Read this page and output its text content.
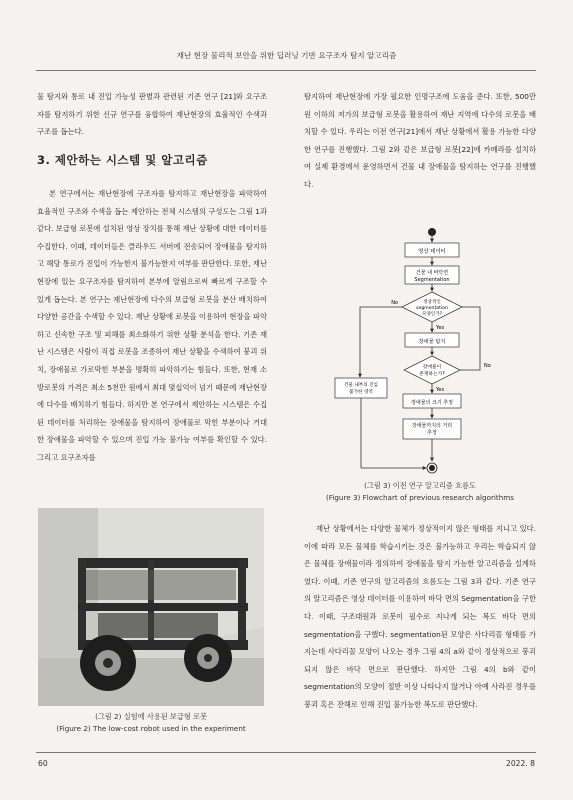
재난 현장 물리적 보안을 위한 딥러닝 기반 요구조자 탐지 알고리즘

물 탐지와 통로 내 진입 가능성 판별과 관련된 기존 연구 [21]와 요구조자를 탐지하기 위한 신규 연구를 융합하여 재난현장의 효율적인 수색과 구조를 돕는다.

3. 제안하는 시스템 및 알고리즘

본 연구에서는 재난현장에 구조자를 탐지하고 재난현장을 파악하여 효율적인 구조와 수색을 돕는 제안하는 전체 시스템의 구성도는 그림 1과 같다. 보급형 로봇에 설치된 영상 장치를 통해 재난 상황에 대한 데이터를 수집한다. 이때, 데이터들은 클라우드 서버에 전송되어 장애물을 탐지하고 해당 통로가 진입이 가능한지 불가능한지 여부를 판단한다. 또한, 재난 현장에 있는 요구조자를 탐지하여 본부에 알림으로써 빠르게 구조할 수 있게 돕는다. 본 연구는 재난현장에 다수의 보급형 로봇을 분산 배치하여 다양한 공간을 수색할 수 있다. 재난 상황에 로봇을 이용하여 현장을 파악하고 신속한 구조 및 피해를 최소화하기 위한 상황 분석을 한다. 기존 재난 시스템은 사람이 직접 로봇을 조종하여 재난 상황을 수색하여 붕괴 위치, 장애물로 가로막힌 부분을 명확히 파악하기는 힘들다. 또한, 현재 소방로봇의 가격은 최소 5천만 원에서 최대 몇십억이 넘기 때문에 재난현장에 다수를 배치하기 힘들다. 하지만 본 연구에서 제안하는 시스템은 수집된 데이터를 처리하는 장애물을 탐지하여 장애물로 막힌 부분이나 거대한 장애물을 파악할 수 있으며 진입 가능 불가능 여부를 확인할 수 있다. 그리고 요구조자를

(그림 2) 실험에 사용된 보급형 로봇
(Figure 2) The low-cost robot used in the experiment

탐지하여 재난현장에 가장 필요한 인명구조에 도움을 준다. 또한, 500만 원 이하의 저가의 보급형 로봇을 활용하여 재난 지역에 다수의 로봇을 배치할 수 있다. 우리는 이전 연구[21]에서 재난 상황에서 활용 가능한 다양한 연구를 진행했다. 그림 2와 같은 보급형 로봇[22]에 카메라를 설치하여 실제 환경에서 운영하면서 건물 내 장애물을 탐지하는 연구를 진행했다.

영상 데이터
건물 내 바닥면
Segmentation
정상적인
segmentation
모양인가?
No
Yes
장애물 탐지
장애물이
존재하는가?
No
Yes
건물 내부의 진입
불가한 영역
장애물의 크기 추정
장애물까지의 거리
추정
(그림 3) 이전 연구 알고리즘 흐름도
(Figure 3) Flowchart of previous research algorithms

재난 상황에서는 다양한 물체가 정상적이지 않은 형태를 지니고 있다. 이에 따라 모든 물체를 학습시키는 것은 불가능하고 우리는 학습되지 않은 물체를 장애물이라 정의하여 장애물을 탐지 가능한 알고리즘을 설계하였다. 이때, 기존 연구의 알고리즘의 흐름도는 그림 3과 같다. 기존 연구의 알고리즘은 영상 데이터를 이용하여 바닥 면의 Segmentation을 구한다. 이때, 구조대원과 로봇이 필수로 지나게 되는 복도 바닥 면의 segmentation을 구했다. segmentation된 모양은 사다리꼴 형태를 가지는데 사다리꼴 모양이 나오는 경우 그림 4의 a와 같이 정상적으로 붕괴되지 않은 바닥 면으로 판단했다. 하지만 그림 4의 b와 같이 segmentation의 모양이 절반 이상 나타나지 않거나 아예 사라진 경우를 붕괴 혹은 잔해로 인해 진입 불가능한 복도로 판단했다.

60	2022. 8
